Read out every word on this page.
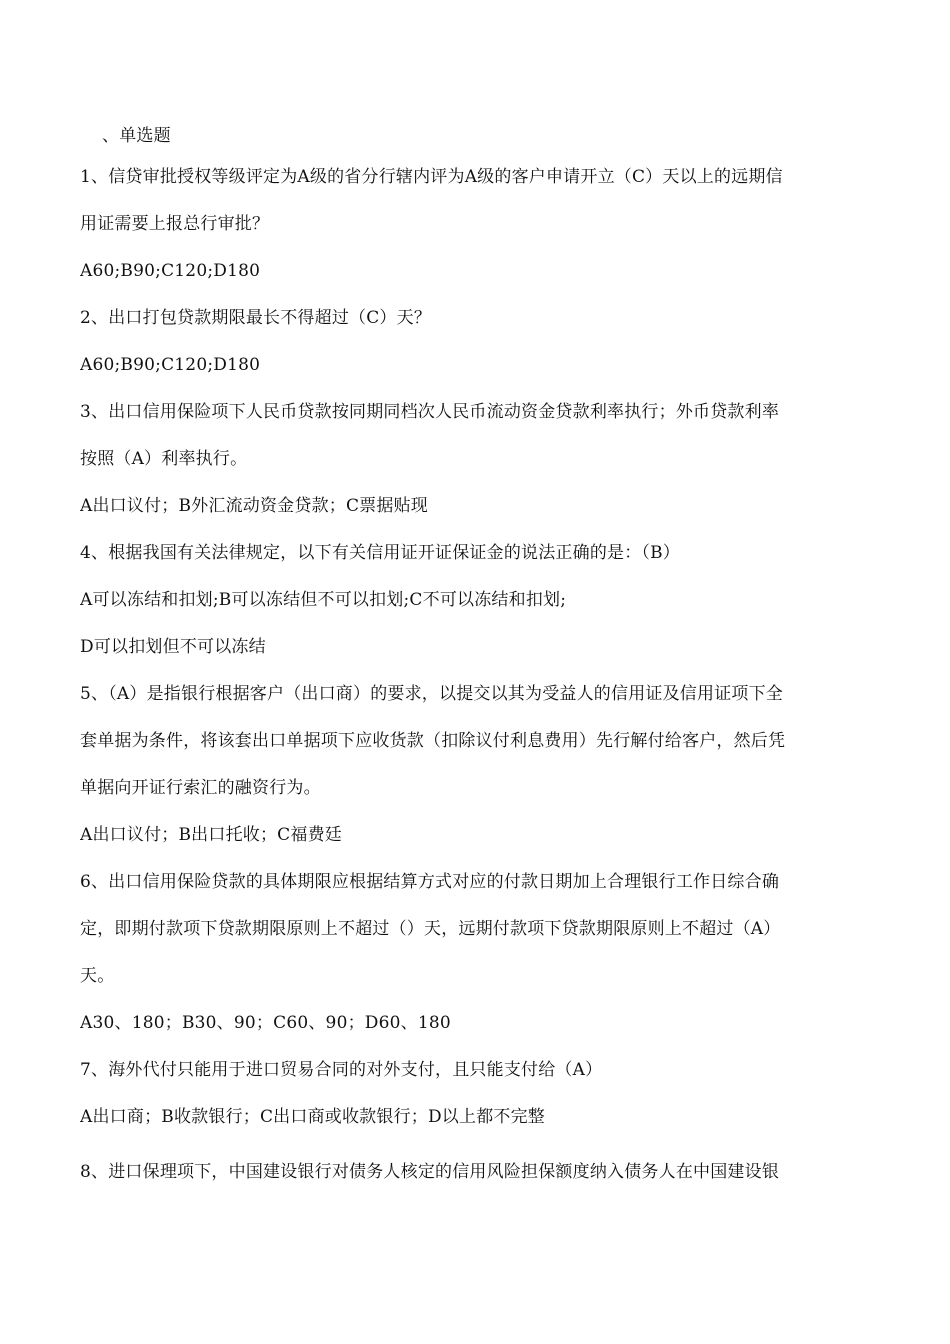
、单选题
1、信贷审批授权等级评定为A级的省分行辖内评为A级的客户申请开立（C）天以上的远期信
用证需要上报总行审批？
A60;B90;C120;D180
2、出口打包贷款期限最长不得超过（C）天？
A60;B90;C120;D180
3、出口信用保险项下人民币贷款按同期同档次人民币流动资金贷款利率执行；外币贷款利率
按照（A）利率执行。
A出口议付；B外汇流动资金贷款；C票据贴现
4、根据我国有关法律规定，以下有关信用证开证保证金的说法正确的是：（B）
A可以冻结和扣划;B可以冻结但不可以扣划;C不可以冻结和扣划;
D可以扣划但不可以冻结
5、（A）是指银行根据客户（出口商）的要求，以提交以其为受益人的信用证及信用证项下全
套单据为条件，将该套出口单据项下应收货款（扣除议付利息费用）先行解付给客户，然后凭
单据向开证行索汇的融资行为。
A出口议付；B出口托收；C福费廷
6、出口信用保险贷款的具体期限应根据结算方式对应的付款日期加上合理银行工作日综合确
定，即期付款项下贷款期限原则上不超过（）天，远期付款项下贷款期限原则上不超过（A）
天。
A30、180；B30、90；C60、90；D60、180
7、海外代付只能用于进口贸易合同的对外支付，且只能支付给（A）
A出口商；B收款银行；C出口商或收款银行；D以上都不完整
8、进口保理项下，中国建设银行对债务人核定的信用风险担保额度纳入债务人在中国建设银
